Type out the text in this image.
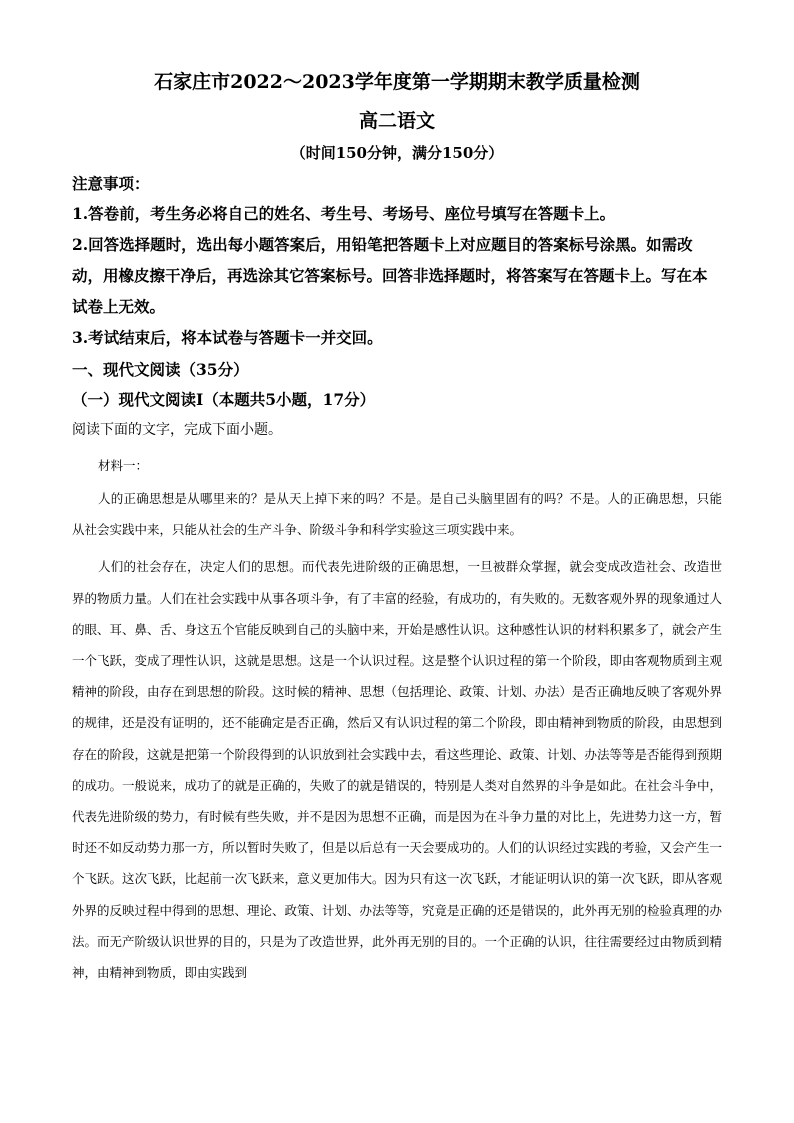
石家庄市2022～2023学年度第一学期期末教学质量检测
高二语文
（时间150分钟，满分150分）
注意事项：

1.答卷前，考生务必将自己的姓名、考生号、考场号、座位号填写在答题卡上。

2.回答选择题时，选出每小题答案后，用铅笔把答题卡上对应题目的答案标号涂黑。如需改动，用橡皮擦干净后，再选涂其它答案标号。回答非选择题时，将答案写在答题卡上。写在本试卷上无效。

3.考试结束后，将本试卷与答题卡一并交回。

一、现代文阅读（35分）
（一）现代文阅读Ⅰ（本题共5小题，17分）
阅读下面的文字，完成下面小题。
材料一：

人的正确思想是从哪里来的？是从天上掉下来的吗？不是。是自己头脑里固有的吗？不是。人的正确思想，只能从社会实践中来，只能从社会的生产斗争、阶级斗争和科学实验这三项实践中来。

人们的社会存在，决定人们的思想。而代表先进阶级的正确思想，一旦被群众掌握，就会变成改造社会、改造世界的物质力量。人们在社会实践中从事各项斗争，有了丰富的经验，有成功的，有失败的。无数客观外界的现象通过人的眼、耳、鼻、舌、身这五个官能反映到自己的头脑中来，开始是感性认识。这种感性认识的材料积累多了，就会产生一个飞跃，变成了理性认识，这就是思想。这是一个认识过程。这是整个认识过程的第一个阶段，即由客观物质到主观精神的阶段，由存在到思想的阶段。这时候的精神、思想（包括理论、政策、计划、办法）是否正确地反映了客观外界的规律，还是没有证明的，还不能确定是否正确，然后又有认识过程的第二个阶段，即由精神到物质的阶段，由思想到存在的阶段，这就是把第一个阶段得到的认识放到社会实践中去，看这些理论、政策、计划、办法等等是否能得到预期的成功。一般说来，成功了的就是正确的，失败了的就是错误的，特别是人类对自然界的斗争是如此。在社会斗争中，代表先进阶级的势力，有时候有些失败，并不是因为思想不正确，而是因为在斗争力量的对比上，先进势力这一方，暂时还不如反动势力那一方，所以暂时失败了，但是以后总有一天会要成功的。人们的认识经过实践的考验，又会产生一个飞跃。这次飞跃，比起前一次飞跃来，意义更加伟大。因为只有这一次飞跃，才能证明认识的第一次飞跃，即从客观外界的反映过程中得到的思想、理论、政策、计划、办法等等，究竟是正确的还是错误的，此外再无别的检验真理的办法。而无产阶级认识世界的目的，只是为了改造世界，此外再无别的目的。一个正确的认识，往往需要经过由物质到精神，由精神到物质，即由实践到
